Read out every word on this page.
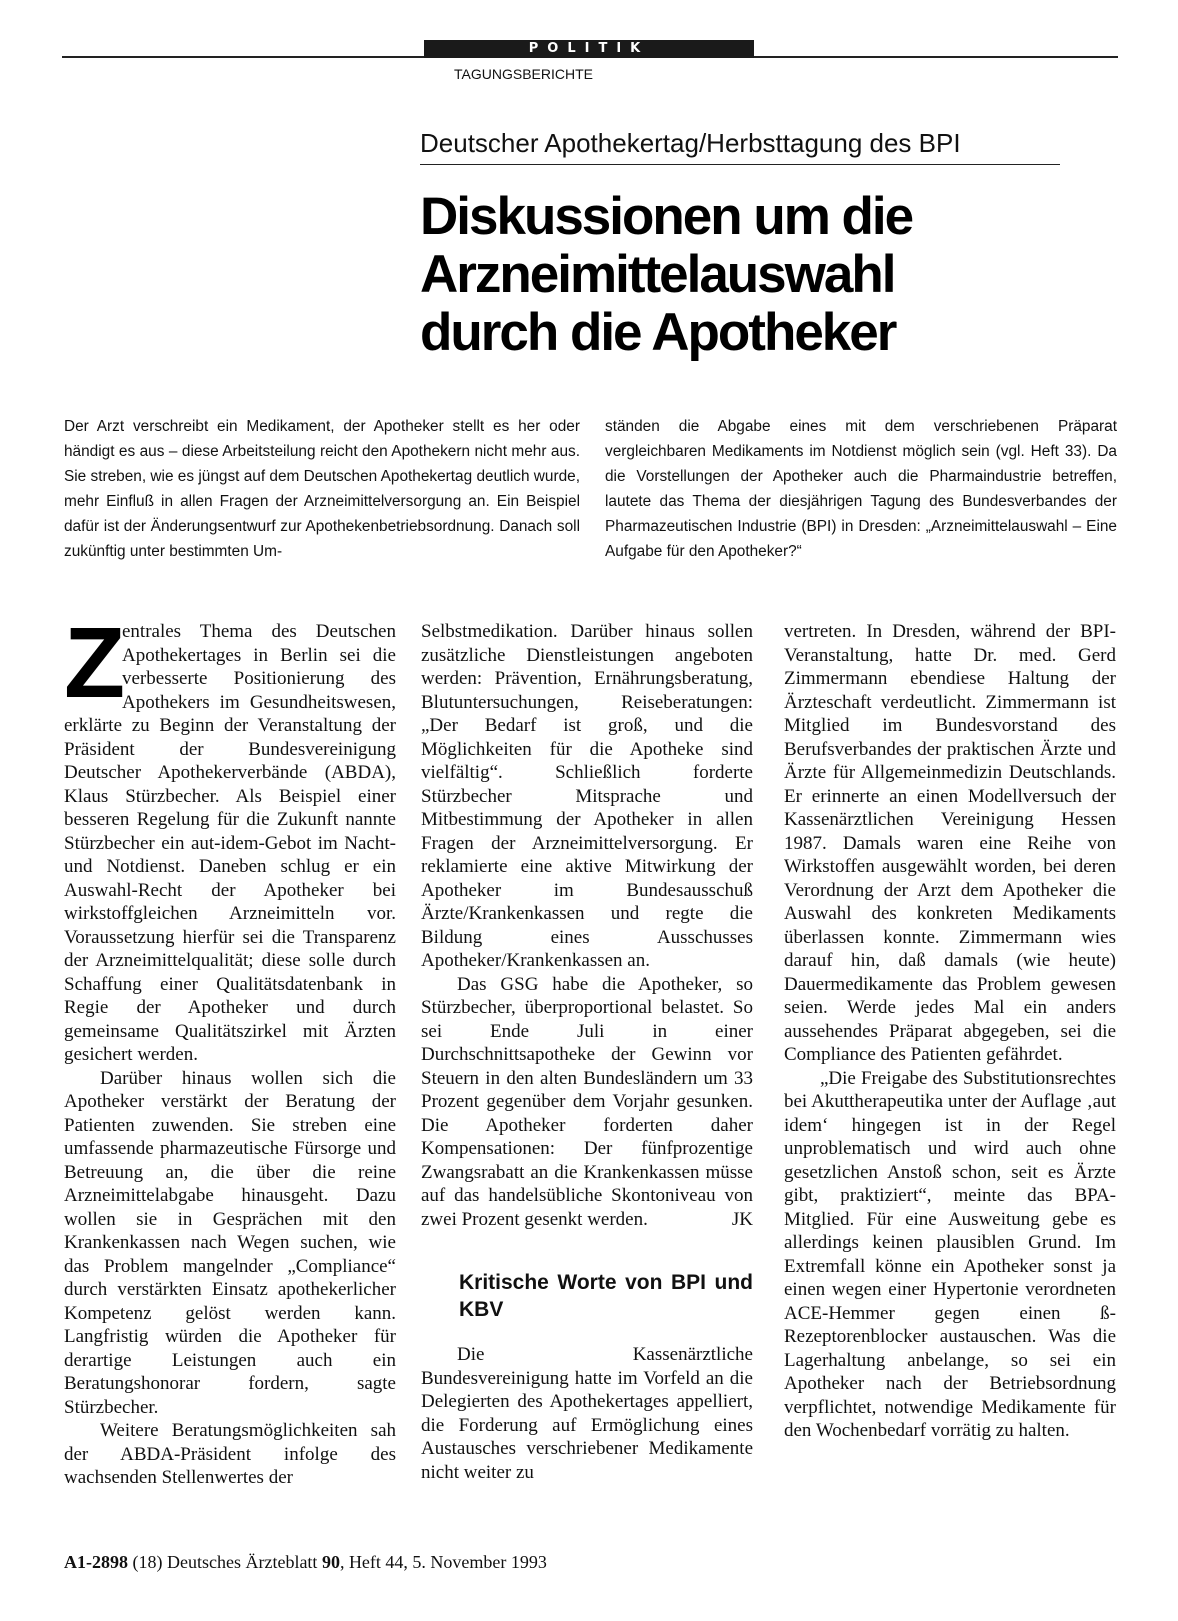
POLITIK
TAGUNGSBERICHTE
Deutscher Apothekertag/Herbsttagung des BPI
Diskussionen um die
Arzneimittelauswahl
durch die Apotheker
Der Arzt verschreibt ein Medikament, der Apotheker stellt es her oder händigt es aus – diese Arbeitsteilung reicht den Apothekern nicht mehr aus. Sie streben, wie es jüngst auf dem Deutschen Apothekertag deutlich wurde, mehr Einfluß in allen Fragen der Arzneimittelversorgung an. Ein Beispiel dafür ist der Änderungsentwurf zur Apothekenbetriebsordnung. Danach soll zukünftig unter bestimmten Um-
ständen die Abgabe eines mit dem verschriebenen Präparat vergleichbaren Medikaments im Notdienst möglich sein (vgl. Heft 33). Da die Vorstellungen der Apotheker auch die Pharmaindustrie betreffen, lautete das Thema der diesjährigen Tagung des Bundesverbandes der Pharmazeutischen Industrie (BPI) in Dresden: „Arzneimittelauswahl – Eine Aufgabe für den Apotheker?“
Z

entrales Thema des Deutschen Apothekertages in Berlin sei die verbesserte Positionierung des Apothekers im Gesundheitswesen, erklärte zu Beginn der Veranstaltung der Präsident der Bundesvereinigung Deutscher Apothekerverbände (ABDA), Klaus Stürzbecher. Als Beispiel einer besseren Regelung für die Zukunft nannte Stürzbecher ein aut-idem-Gebot im Nacht- und Notdienst. Daneben schlug er ein Auswahl-Recht der Apotheker bei wirkstoffgleichen Arzneimitteln vor. Voraussetzung hierfür sei die Transparenz der Arzneimittelqualität; diese solle durch Schaffung einer Qualitätsdatenbank in Regie der Apotheker und durch gemeinsame Qualitätszirkel mit Ärzten gesichert werden.

Darüber hinaus wollen sich die Apotheker verstärkt der Beratung der Patienten zuwenden. Sie streben eine umfassende pharmazeutische Fürsorge und Betreuung an, die über die reine Arzneimittelabgabe hinausgeht. Dazu wollen sie in Gesprächen mit den Krankenkassen nach Wegen suchen, wie das Problem mangelnder „Compliance“ durch verstärkten Einsatz apothekerlicher Kompetenz gelöst werden kann. Langfristig würden die Apotheker für derartige Leistungen auch ein Beratungshonorar fordern, sagte Stürzbecher.

Weitere Beratungsmöglichkeiten sah der ABDA-Präsident infolge des wachsenden Stellenwertes der

Selbstmedikation. Darüber hinaus sollen zusätzliche Dienstleistungen angeboten werden: Prävention, Ernährungsberatung, Blutuntersuchungen, Reiseberatungen: „Der Bedarf ist groß, und die Möglichkeiten für die Apotheke sind vielfältig“. Schließlich forderte Stürzbecher Mitsprache und Mitbestimmung der Apotheker in allen Fragen der Arzneimittelversorgung. Er reklamierte eine aktive Mitwirkung der Apotheker im Bundesausschuß Ärzte/Krankenkassen und regte die Bildung eines Ausschusses Apotheker/Krankenkassen an.

Das GSG habe die Apotheker, so Stürzbecher, überproportional belastet. So sei Ende Juli in einer Durchschnittsapotheke der Gewinn vor Steuern in den alten Bundesländern um 33 Prozent gegenüber dem Vorjahr gesunken. Die Apotheker forderten daher Kompensationen: Der fünfprozentige Zwangsrabatt an die Krankenkassen müsse auf das handelsübliche Skontoniveau von zwei Prozent gesenkt werden.	JK

Kritische Worte von BPI und KBV

Die Kassenärztliche Bundesvereinigung hatte im Vorfeld an die Delegierten des Apothekertages appelliert, die Forderung auf Ermöglichung eines Austausches verschriebener Medikamente nicht weiter zu

vertreten. In Dresden, während der BPI-Veranstaltung, hatte Dr. med. Gerd Zimmermann ebendiese Haltung der Ärzteschaft verdeutlicht. Zimmermann ist Mitglied im Bundesvorstand des Berufsverbandes der praktischen Ärzte und Ärzte für Allgemeinmedizin Deutschlands. Er erinnerte an einen Modellversuch der Kassenärztlichen Vereinigung Hessen 1987. Damals waren eine Reihe von Wirkstoffen ausgewählt worden, bei deren Verordnung der Arzt dem Apotheker die Auswahl des konkreten Medikaments überlassen konnte. Zimmermann wies darauf hin, daß damals (wie heute) Dauermedikamente das Problem gewesen seien. Werde jedes Mal ein anders aussehendes Präparat abgegeben, sei die Compliance des Patienten gefährdet.

„Die Freigabe des Substitutionsrechtes bei Akuttherapeutika unter der Auflage ‚aut idem‘ hingegen ist in der Regel unproblematisch und wird auch ohne gesetzlichen Anstoß schon, seit es Ärzte gibt, praktiziert“, meinte das BPA-Mitglied. Für eine Ausweitung gebe es allerdings keinen plausiblen Grund. Im Extremfall könne ein Apotheker sonst ja einen wegen einer Hypertonie verordneten ACE-Hemmer gegen einen ß-Rezeptorenblocker austauschen. Was die Lagerhaltung anbelange, so sei ein Apotheker nach der Betriebsordnung verpflichtet, notwendige Medikamente für den Wochenbedarf vorrätig zu halten.

A1-2898 (18) Deutsches Ärzteblatt 90, Heft 44, 5. November 1993
